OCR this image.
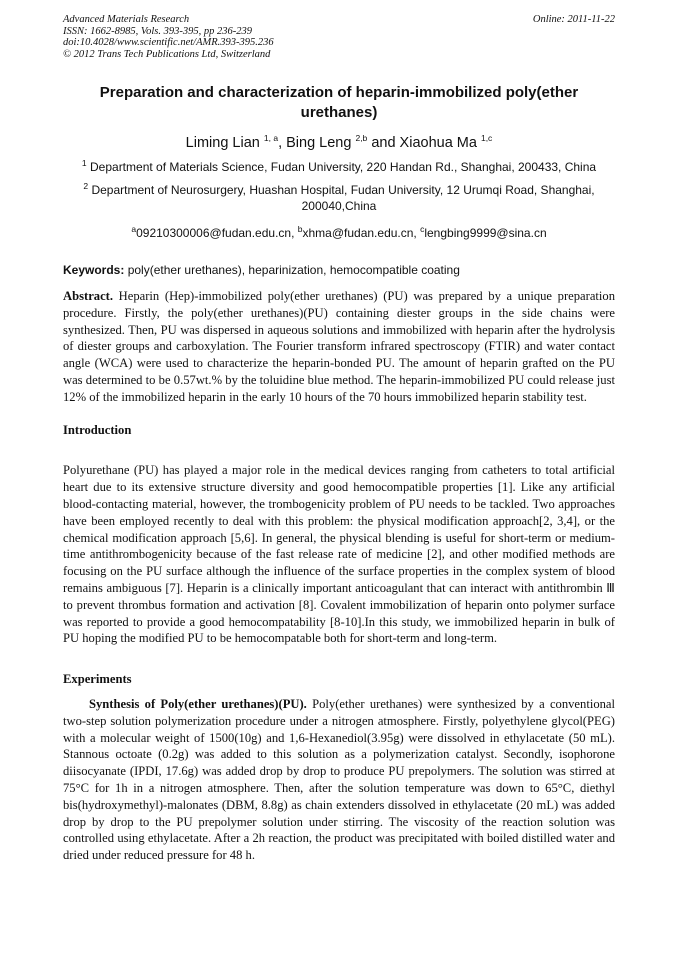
Advanced Materials Research
ISSN: 1662-8985, Vols. 393-395, pp 236-239
doi:10.4028/www.scientific.net/AMR.393-395.236
© 2012 Trans Tech Publications Ltd, Switzerland
Online: 2011-11-22
Preparation and characterization of heparin-immobilized poly(ether urethanes)
Liming Lian $^{1, a}$, Bing Leng $^{2,b}$ and Xiaohua Ma $^{1,c}$
$^1$ Department of Materials Science, Fudan University, 220 Handan Rd., Shanghai, 200433, China
$^2$ Department of Neurosurgery, Huashan Hospital, Fudan University, 12 Urumqi Road, Shanghai, 200040,China
$^a$09210300006@fudan.edu.cn, $^b$xhma@fudan.edu.cn, $^c$lengbing9999@sina.cn
Keywords: poly(ether urethanes), heparinization, hemocompatible coating
Abstract. Heparin (Hep)-immobilized poly(ether urethanes) (PU) was prepared by a unique preparation procedure. Firstly, the poly(ether urethanes)(PU) containing diester groups in the side chains were synthesized. Then, PU was dispersed in aqueous solutions and immobilized with heparin after the hydrolysis of diester groups and carboxylation. The Fourier transform infrared spectroscopy (FTIR) and water contact angle (WCA) were used to characterize the heparin-bonded PU. The amount of heparin grafted on the PU was determined to be 0.57wt.% by the toluidine blue method. The heparin-immobilized PU could release just 12% of the immobilized heparin in the early 10 hours of the 70 hours immobilized heparin stability test.
Introduction
Polyurethane (PU) has played a major role in the medical devices ranging from catheters to total artificial heart due to its extensive structure diversity and good hemocompatible properties [1]. Like any artificial blood-contacting material, however, the trombogenicity problem of PU needs to be tackled. Two approaches have been employed recently to deal with this problem: the physical modification approach[2, 3,4], or the chemical modification approach [5,6]. In general, the physical blending is useful for short-term or medium-time antithrombogenicity because of the fast release rate of medicine [2], and other modified methods are focusing on the PU surface although the influence of the surface properties in the complex system of blood remains ambiguous [7]. Heparin is a clinically important anticoagulant that can interact with antithrombin Ⅲ to prevent thrombus formation and activation [8]. Covalent immobilization of heparin onto polymer surface was reported to provide a good hemocompatability [8-10].In this study, we immobilized heparin in bulk of PU hoping the modified PU to be hemocompatable both for short-term and long-term.
Experiments
Synthesis of Poly(ether urethanes)(PU). Poly(ether urethanes) were synthesized by a conventional two-step solution polymerization procedure under a nitrogen atmosphere. Firstly, polyethylene glycol(PEG) with a molecular weight of 1500(10g) and 1,6-Hexanediol(3.95g) were dissolved in ethylacetate (50 mL). Stannous octoate (0.2g) was added to this solution as a polymerization catalyst. Secondly, isophorone diisocyanate (IPDI, 17.6g) was added drop by drop to produce PU prepolymers. The solution was stirred at 75°C for 1h in a nitrogen atmosphere. Then, after the solution temperature was down to 65°C, diethyl bis(hydroxymethyl)-malonates (DBM, 8.8g) as chain extenders dissolved in ethylacetate (20 mL) was added drop by drop to the PU prepolymer solution under stirring. The viscosity of the reaction solution was controlled using ethylacetate. After a 2h reaction, the product was precipitated with boiled distilled water and dried under reduced pressure for 48 h.
